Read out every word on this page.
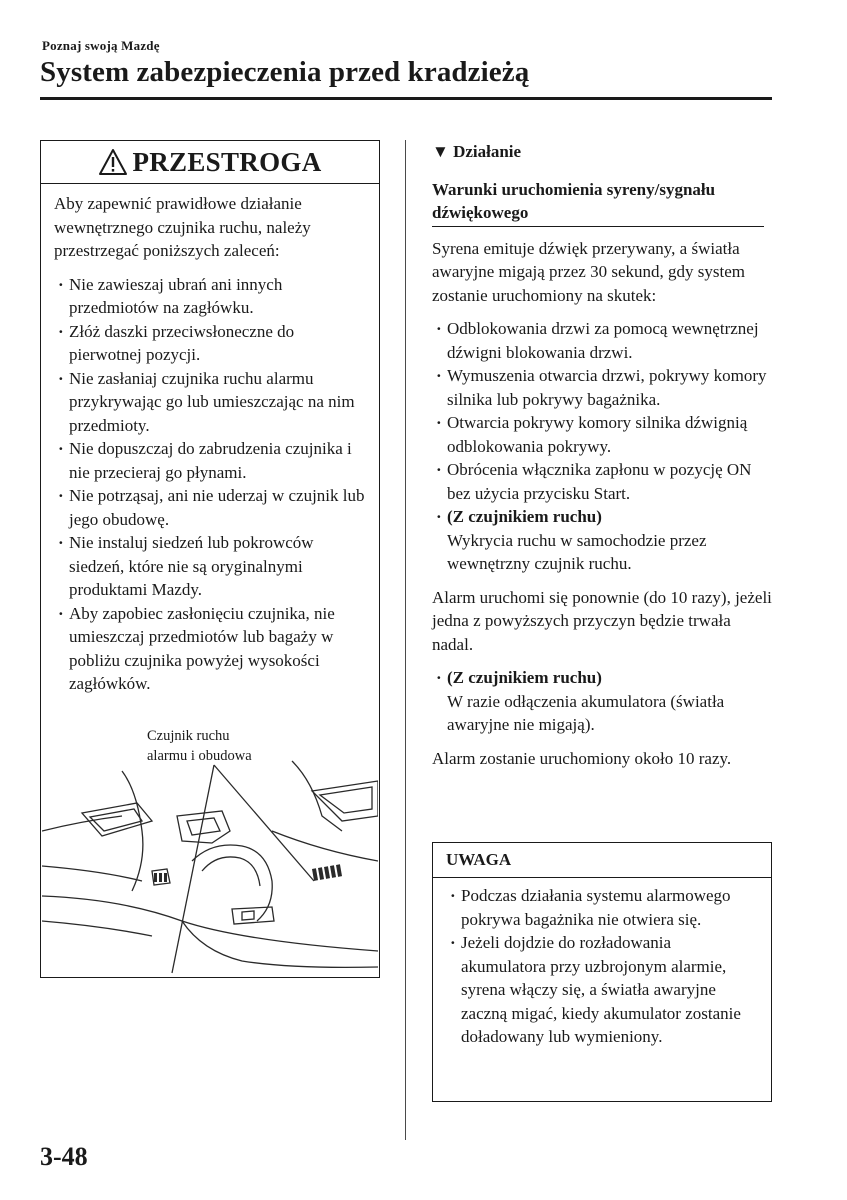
Poznaj swoją Mazdę
System zabezpieczenia przed kradzieżą
PRZESTROGA

Aby zapewnić prawidłowe działanie wewnętrznego czujnika ruchu, należy przestrzegać poniższych zaleceń:

· Nie zawieszaj ubrań ani innych przedmiotów na zagłówku.
· Złóż daszki przeciwsłoneczne do pierwotnej pozycji.
· Nie zasłaniaj czujnika ruchu alarmu przykrywając go lub umieszczając na nim przedmioty.
· Nie dopuszczaj do zabrudzenia czujnika i nie przecieraj go płynami.
· Nie potrząsaj, ani nie uderzaj w czujnik lub jego obudowę.
· Nie instaluj siedzeń lub pokrowców siedzeń, które nie są oryginalnymi produktami Mazdy.
· Aby zapobiec zasłonięciu czujnika, nie umieszczaj przedmiotów lub bagaży w pobliżu czujnika powyżej wysokości zagłówków.
Czujnik ruchu
alarmu i obudowa
▼ Działanie
Warunki uruchomienia syreny/sygnału dźwiękowego

Syrena emituje dźwięk przerywany, a światła awaryjne migają przez 30 sekund, gdy system zostanie uruchomiony na skutek:

· Odblokowania drzwi za pomocą wewnętrznej dźwigni blokowania drzwi.
· Wymuszenia otwarcia drzwi, pokrywy komory silnika lub pokrywy bagażnika.
· Otwarcia pokrywy komory silnika dźwignią odblokowania pokrywy.
· Obrócenia włącznika zapłonu w pozycję ON bez użycia przycisku Start.
· (Z czujnikiem ruchu)
Wykrycia ruchu w samochodzie przez wewnętrzny czujnik ruchu.

Alarm uruchomi się ponownie (do 10 razy), jeżeli jedna z powyższych przyczyn będzie trwała nadal.

· (Z czujnikiem ruchu)
W razie odłączenia akumulatora (światła awaryjne nie migają).

Alarm zostanie uruchomiony około 10 razy.

UWAGA
· Podczas działania systemu alarmowego pokrywa bagażnika nie otwiera się.
· Jeżeli dojdzie do rozładowania akumulatora przy uzbrojonym alarmie, syrena włączy się, a światła awaryjne zaczną migać, kiedy akumulator zostanie doładowany lub wymieniony.
3-48
